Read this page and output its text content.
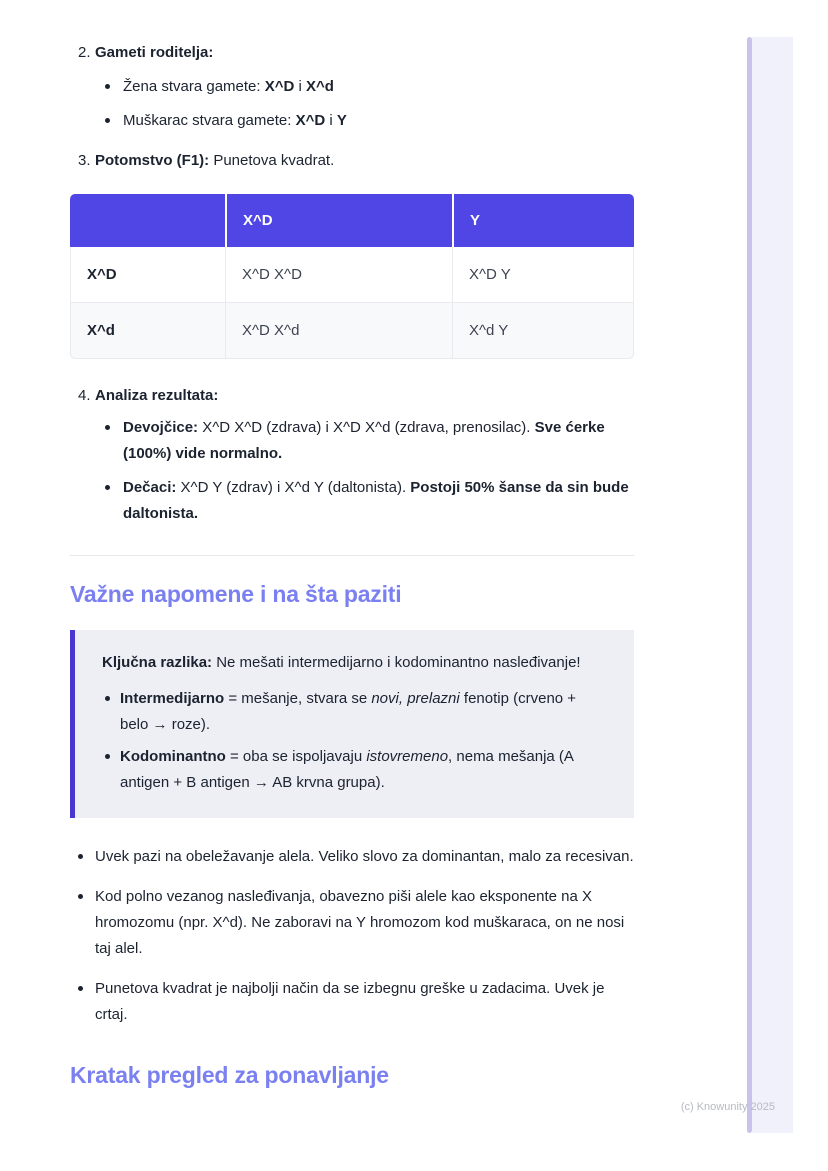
2. Gameti roditelja:
Žena stvara gamete: X^D i X^d
Muškarac stvara gamete: X^D i Y
3. Potomstvo (F1): Punetova kvadrat.
	X^D	Y
X^D	X^D X^D	X^D Y
X^d	X^D X^d	X^d Y
4. Analiza rezultata:
Devojčice: X^D X^D (zdrava) i X^D X^d (zdrava, prenosilac). Sve ćerke (100%) vide normalno.
Dečaci: X^D Y (zdrav) i X^d Y (daltonista). Postoji 50% šanse da sin bude daltonista.
Važne napomene i na šta paziti
Ključna razlika: Ne mešati intermedijarno i kodominantno nasleđivanje!
Intermedijarno = mešanje, stvara se novi, prelazni fenotip (crveno + belo → roze).
Kodominantno = oba se ispoljavaju istovremeno, nema mešanja (A antigen + B antigen → AB krvna grupa).
Uvek pazi na obeležavanje alela. Veliko slovo za dominantan, malo za recesivan.
Kod polno vezanog nasleđivanja, obavezno piši alele kao eksponente na X hromozomu (npr. X^d). Ne zaboravi na Y hromozom kod muškaraca, on ne nosi taj alel.
Punetova kvadrat je najbolji način da se izbegnu greške u zadacima. Uvek je crtaj.
Kratak pregled za ponavljanje
(c) Knowunity 2025
